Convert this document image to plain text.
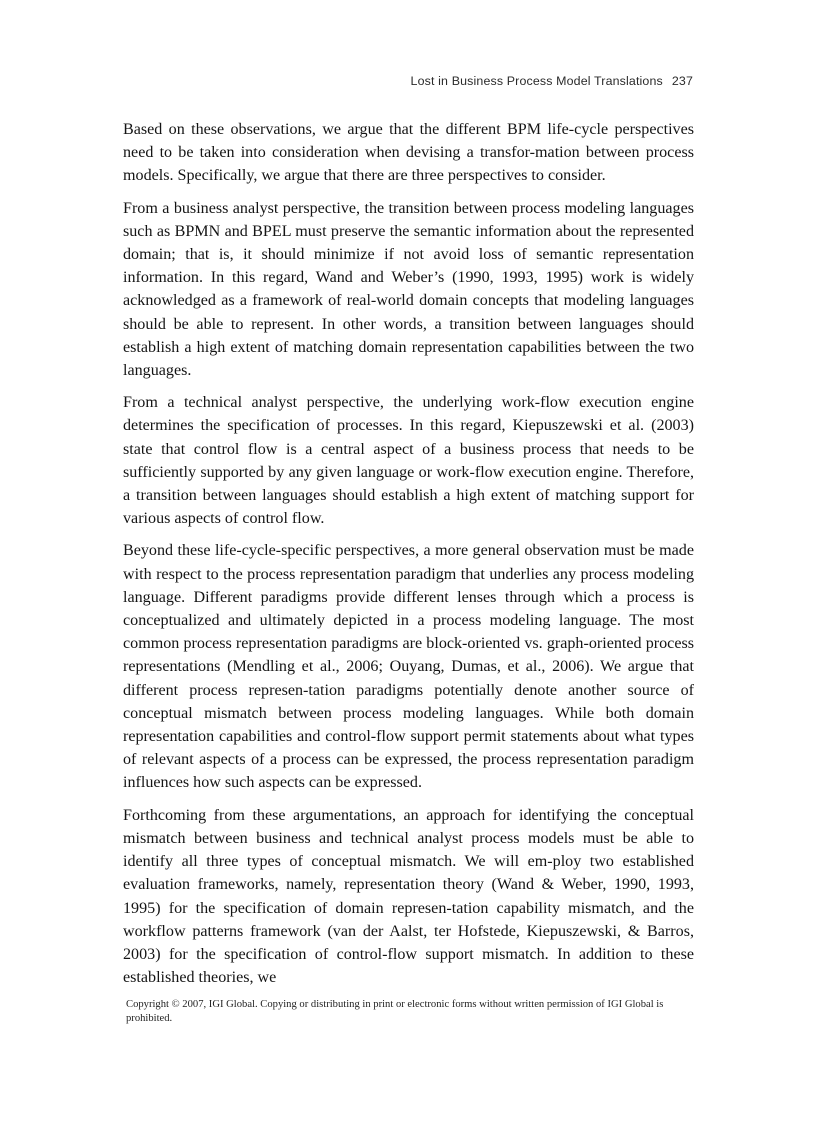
Lost in Business Process Model Translations 237

Based on these observations, we argue that the different BPM life-cycle perspectives need to be taken into consideration when devising a transfor-mation between process models. Specifically, we argue that there are three perspectives to consider.

From a business analyst perspective, the transition between process modeling languages such as BPMN and BPEL must preserve the semantic information about the represented domain; that is, it should minimize if not avoid loss of semantic representation information. In this regard, Wand and Weber’s (1990, 1993, 1995) work is widely acknowledged as a framework of real-world domain concepts that modeling languages should be able to represent. In other words, a transition between languages should establish a high extent of matching domain representation capabilities between the two languages.

From a technical analyst perspective, the underlying work-flow execution engine determines the specification of processes. In this regard, Kiepuszewski et al. (2003) state that control flow is a central aspect of a business process that needs to be sufficiently supported by any given language or work-flow execution engine. Therefore, a transition between languages should establish a high extent of matching support for various aspects of control flow.

Beyond these life-cycle-specific perspectives, a more general observation must be made with respect to the process representation paradigm that underlies any process modeling language. Different paradigms provide different lenses through which a process is conceptualized and ultimately depicted in a process modeling language. The most common process representation paradigms are block-oriented vs. graph-oriented process representations (Mendling et al., 2006; Ouyang, Dumas, et al., 2006). We argue that different process represen-tation paradigms potentially denote another source of conceptual mismatch between process modeling languages. While both domain representation capabilities and control-flow support permit statements about what types of relevant aspects of a process can be expressed, the process representation paradigm influences how such aspects can be expressed.

Forthcoming from these argumentations, an approach for identifying the conceptual mismatch between business and technical analyst process models must be able to identify all three types of conceptual mismatch. We will em-ploy two established evaluation frameworks, namely, representation theory (Wand & Weber, 1990, 1993, 1995) for the specification of domain represen-tation capability mismatch, and the workflow patterns framework (van der Aalst, ter Hofstede, Kiepuszewski, & Barros, 2003) for the specification of control-flow support mismatch. In addition to these established theories, we

Copyright © 2007, IGI Global. Copying or distributing in print or electronic forms without written permission of IGI Global is prohibited.
